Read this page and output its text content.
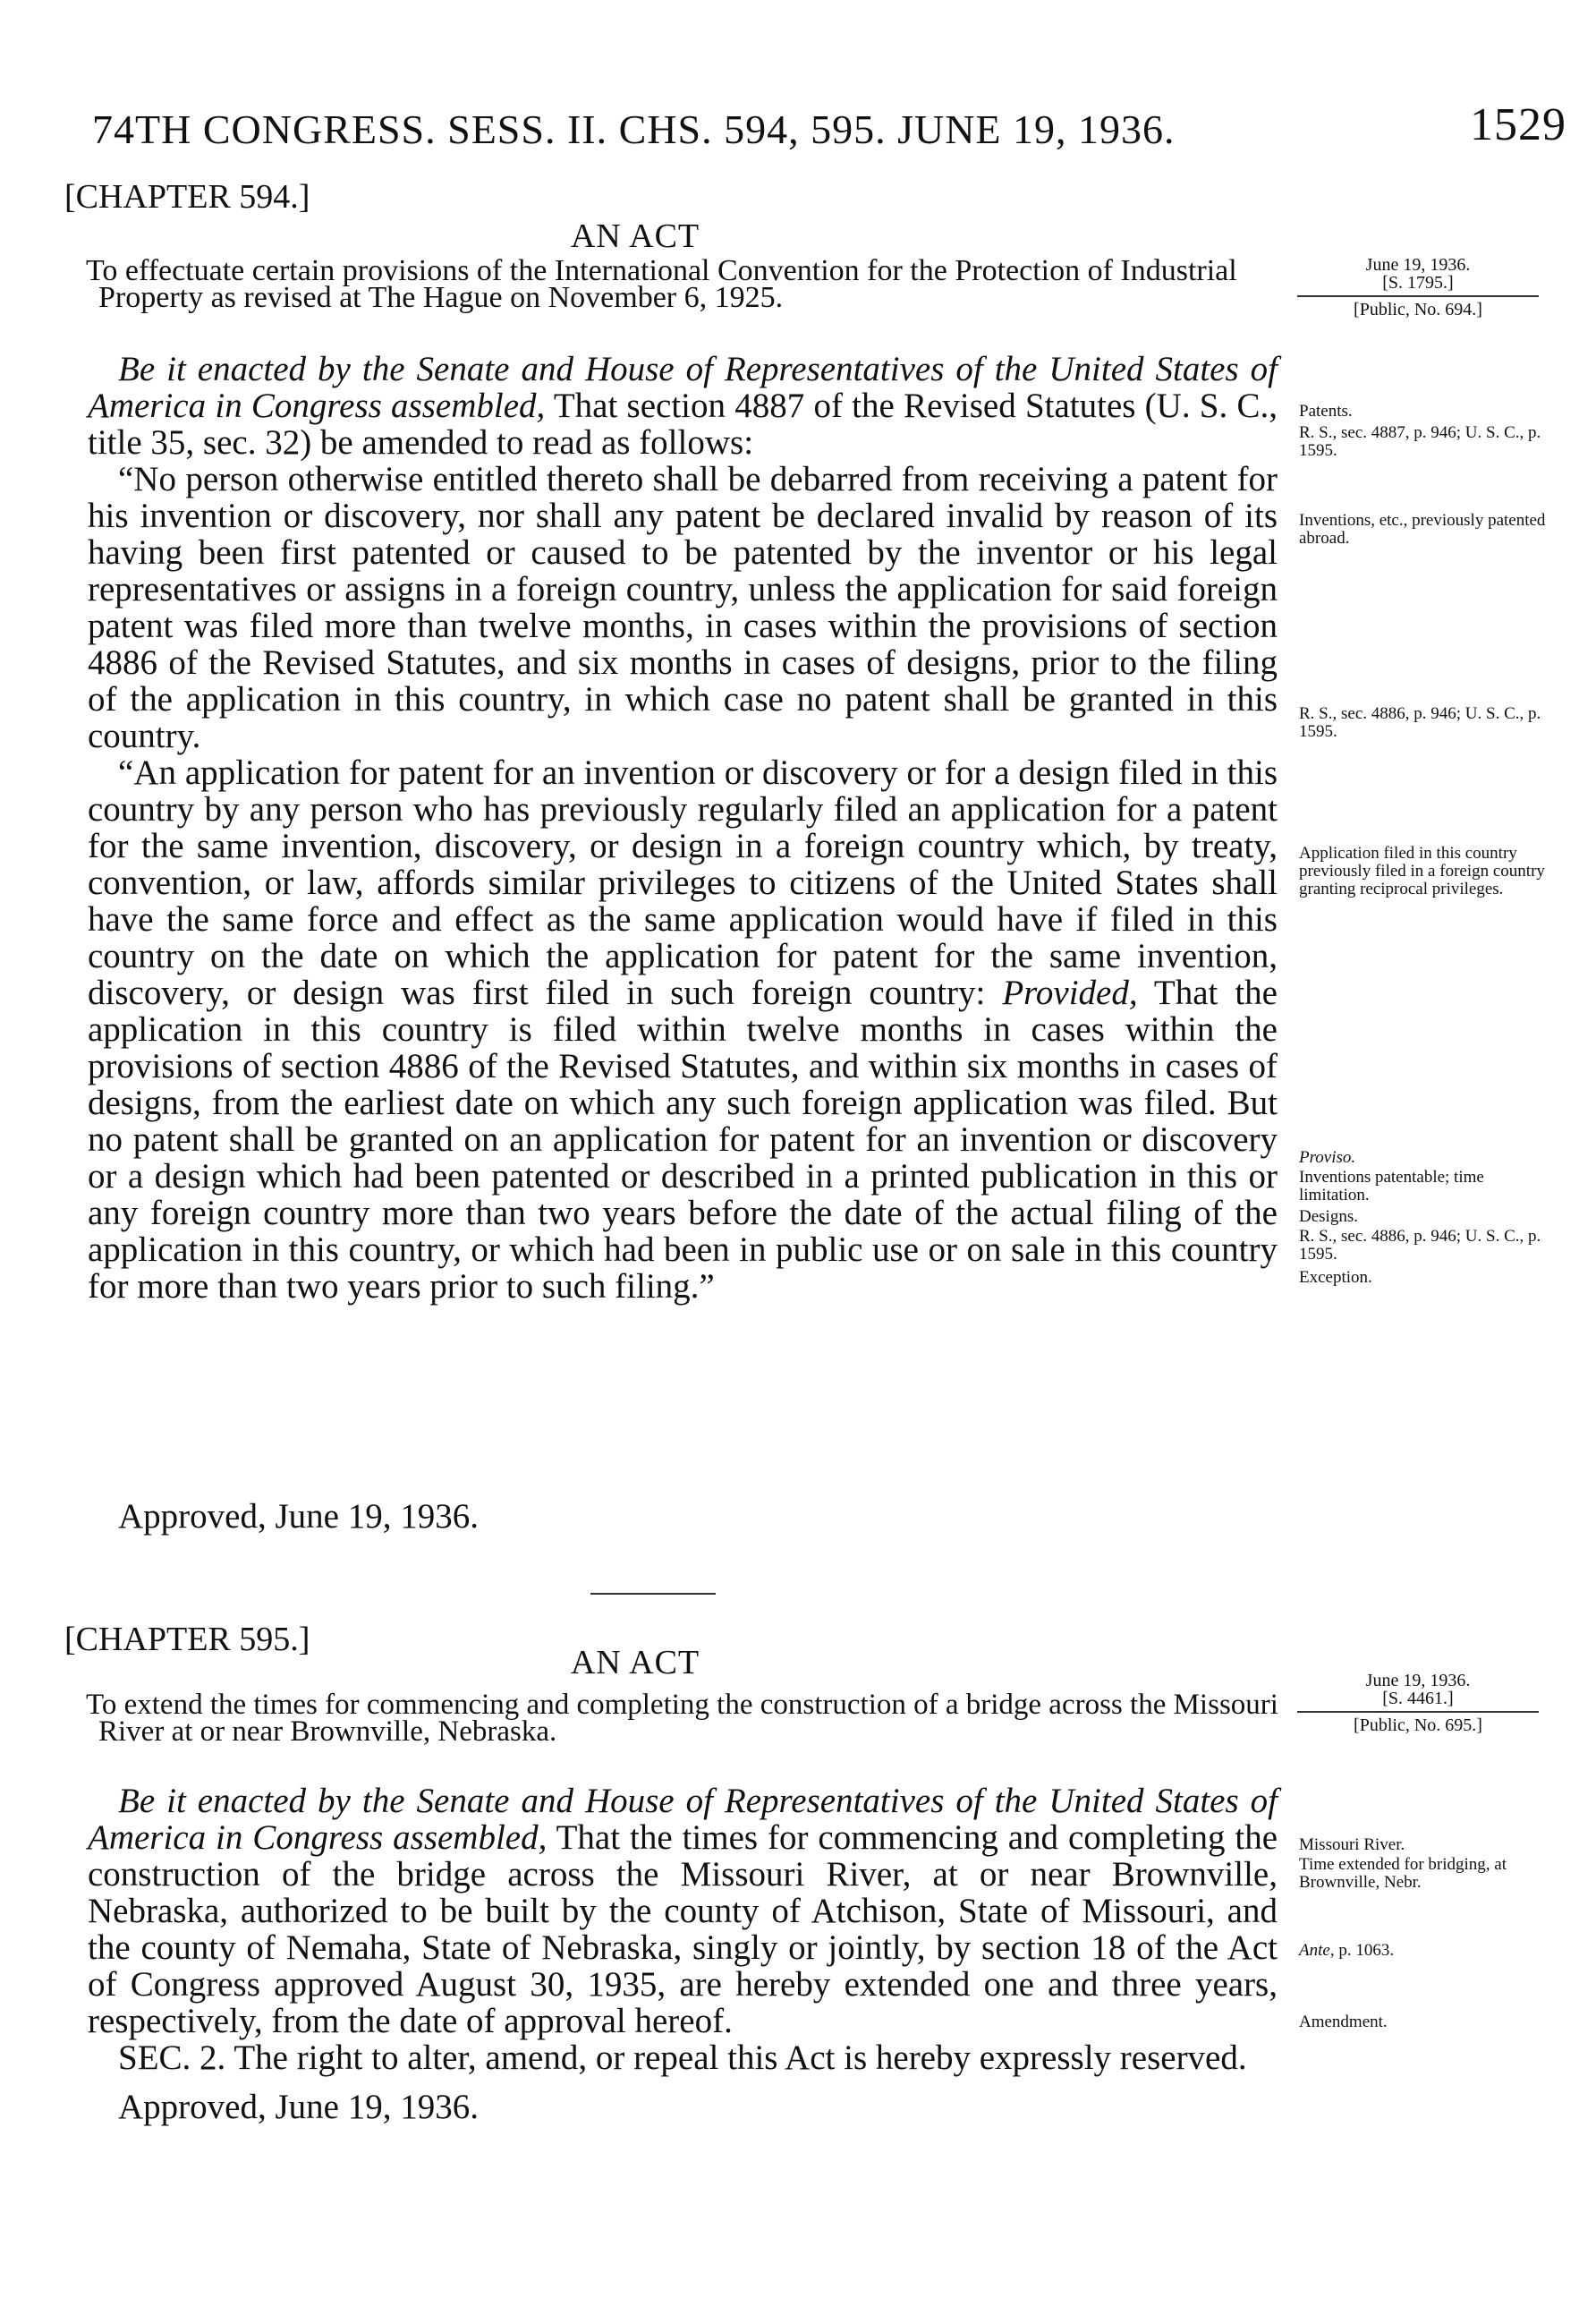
74TH CONGRESS. SESS. II. CHS. 594, 595. JUNE 19, 1936.	1529
[CHAPTER 594.]
AN ACT
To effectuate certain provisions of the International Convention for the Protection of Industrial Property as revised at The Hague on November 6, 1925.
June 19, 1936.
[S. 1795.]
[Public, No. 694.]

Be it enacted by the Senate and House of Representatives of the United States of America in Congress assembled, That section 4887 of the Revised Statutes (U. S. C., title 35, sec. 32) be amended to read as follows:

“No person otherwise entitled thereto shall be debarred from receiving a patent for his invention or discovery, nor shall any patent be declared invalid by reason of its having been first patented or caused to be patented by the inventor or his legal representatives or assigns in a foreign country, unless the application for said foreign patent was filed more than twelve months, in cases within the provisions of section 4886 of the Revised Statutes, and six months in cases of designs, prior to the filing of the application in this country, in which case no patent shall be granted in this country.

“An application for patent for an invention or discovery or for a design filed in this country by any person who has previously regularly filed an application for a patent for the same invention, discovery, or design in a foreign country which, by treaty, convention, or law, affords similar privileges to citizens of the United States shall have the same force and effect as the same application would have if filed in this country on the date on which the application for patent for the same invention, discovery, or design was first filed in such foreign country: Provided, That the application in this country is filed within twelve months in cases within the provisions of section 4886 of the Revised Statutes, and within six months in cases of designs, from the earliest date on which any such foreign application was filed. But no patent shall be granted on an application for patent for an invention or discovery or a design which had been patented or described in a printed publication in this or any foreign country more than two years before the date of the actual filing of the application in this country, or which had been in public use or on sale in this country for more than two years prior to such filing.”

Approved, June 19, 1936.
Patents.
R. S., sec. 4887, p. 946; U. S. C., p. 1595.
Inventions, etc., previously patented abroad.
R. S., sec. 4886, p. 946; U. S. C., p. 1595.
Application filed in this country previously filed in a foreign country granting reciprocal privileges.
Proviso.
Inventions patentable; time limitation.
Designs.
R. S., sec. 4886, p. 946; U. S. C., p. 1595.
Exception.
[CHAPTER 595.]
AN ACT
To extend the times for commencing and completing the construction of a bridge across the Missouri River at or near Brownville, Nebraska.
June 19, 1936.
[S. 4461.]
[Public, No. 695.]

Be it enacted by the Senate and House of Representatives of the United States of America in Congress assembled, That the times for commencing and completing the construction of the bridge across the Missouri River, at or near Brownville, Nebraska, authorized to be built by the county of Atchison, State of Missouri, and the county of Nemaha, State of Nebraska, singly or jointly, by section 18 of the Act of Congress approved August 30, 1935, are hereby extended one and three years, respectively, from the date of approval hereof.

SEC. 2. The right to alter, amend, or repeal this Act is hereby expressly reserved.

Approved, June 19, 1936.
Missouri River.
Time extended for bridging, at Brownville, Nebr.
Ante, p. 1063.
Amendment.
